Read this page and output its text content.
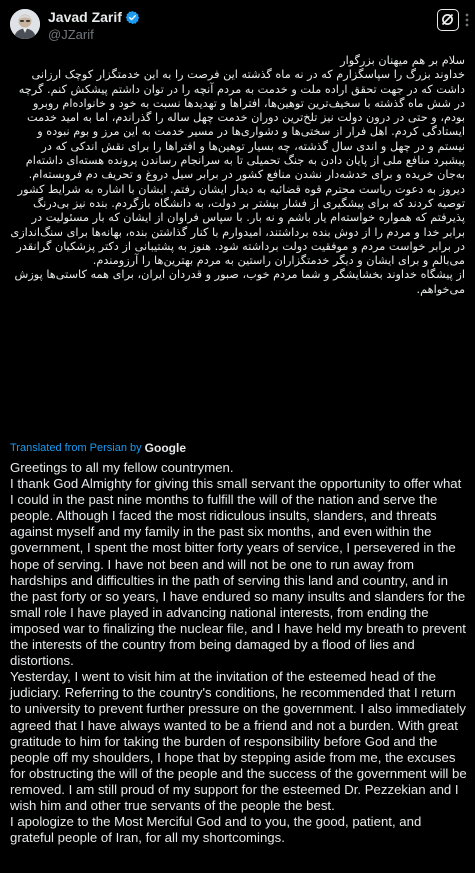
Javad Zarif
@JZarif

سلام بر هم میهنان بزرگوار

خداوند بزرگ را سپاسگزارم که در نه ماه گذشته این فرصت را به این خدمتگزار کوچک ارزانی داشت که در جهت تحقق اراده ملت و خدمت به مردم آنچه را در توان داشتم پیشکش کنم. گرچه در شش ماه گذشته با سخیف‌ترین توهین‌ها، افتراها و تهدیدها نسبت به خود و خانواده‌ام روبرو بودم، و حتی در درون دولت نیز تلخ‌ترین دوران خدمت چهل ساله را گذراندم، اما به امید خدمت ایستادگی کردم. اهل فرار از سختی‌ها و دشواری‌ها در مسیر خدمت به این مرز و بوم نبوده و نیستم و در چهل و اندی سال گذشته، چه بسیار توهین‌ها و افتراها را برای نقش اندکی که در پیشبرد منافع ملی از پایان دادن به جنگ تحمیلی تا به سرانجام رساندن پرونده هسته‌ای داشته‌ام به‌جان خریده و برای خدشه‌دار نشدن منافع کشور در برابر سیل دروغ و تحریف دم فروبسته‌ام.

دیروز به دعوت ریاست محترم قوه قضائیه به دیدار ایشان رفتم. ایشان با اشاره به شرایط کشور توصیه کردند که برای پیشگیری از فشار بیشتر بر دولت، به دانشگاه بازگردم. بنده نیز بی‌درنگ پذیرفتم که همواره خواسته‌ام یار باشم و نه بار. با سپاس فراوان از ایشان که بار مسئولیت در برابر خدا و مردم را از دوش بنده برداشتند، امیدوارم با کنار گذاشتن بنده، بهانه‌ها برای سنگ‌اندازی در برابر خواست مردم و موفقیت دولت برداشته شود. هنوز به پشتیبانی از دکتر پزشکیان گرانقدر می‌بالم و برای ایشان و دیگر خدمتگزاران راستین به مردم بهترین‌ها را آرزومندم.

از پیشگاه خداوند بخشایشگر و شما مردم خوب، صبور و قدردان ایران، برای همه کاستی‌ها پوزش می‌خواهم.

Translated from Persian by Google

Greetings to all my fellow countrymen.

I thank God Almighty for giving this small servant the opportunity to offer what I could in the past nine months to fulfill the will of the nation and serve the people. Although I faced the most ridiculous insults, slanders, and threats against myself and my family in the past six months, and even within the government, I spent the most bitter forty years of service, I persevered in the hope of serving. I have not been and will not be one to run away from hardships and difficulties in the path of serving this land and country, and in the past forty or so years, I have endured so many insults and slanders for the small role I have played in advancing national interests, from ending the imposed war to finalizing the nuclear file, and I have held my breath to prevent the interests of the country from being damaged by a flood of lies and distortions.

Yesterday, I went to visit him at the invitation of the esteemed head of the judiciary. Referring to the country's conditions, he recommended that I return to university to prevent further pressure on the government. I also immediately agreed that I have always wanted to be a friend and not a burden. With great gratitude to him for taking the burden of responsibility before God and the people off my shoulders, I hope that by stepping aside from me, the excuses for obstructing the will of the people and the success of the government will be removed. I am still proud of my support for the esteemed Dr. Pezzekian and I wish him and other true servants of the people the best.

I apologize to the Most Merciful God and to you, the good, patient, and grateful people of Iran, for all my shortcomings.
